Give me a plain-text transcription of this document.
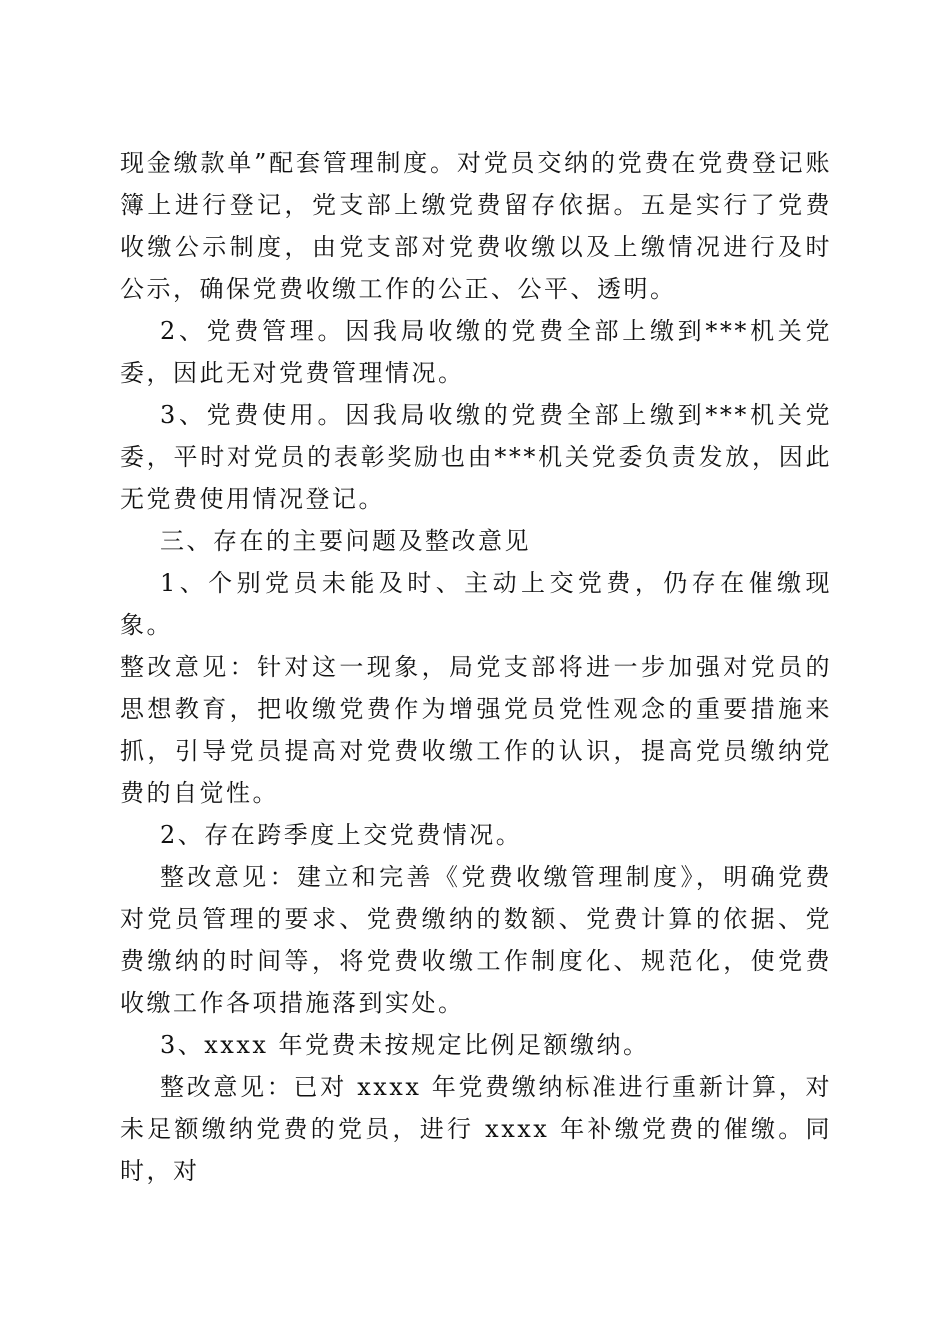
现金缴款单”配套管理制度。对党员交纳的党费在党费登记账簿上进行登记，党支部上缴党费留存依据。五是实行了党费收缴公示制度，由党支部对党费收缴以及上缴情况进行及时公示，确保党费收缴工作的公正、公平、透明。

2、党费管理。因我局收缴的党费全部上缴到***机关党委，因此无对党费管理情况。

3、党费使用。因我局收缴的党费全部上缴到***机关党委，平时对党员的表彰奖励也由***机关党委负责发放，因此无党费使用情况登记。

三、存在的主要问题及整改意见

1、个别党员未能及时、主动上交党费，仍存在催缴现象。

整改意见：针对这一现象，局党支部将进一步加强对党员的思想教育，把收缴党费作为增强党员党性观念的重要措施来抓，引导党员提高对党费收缴工作的认识，提高党员缴纳党费的自觉性。

2、存在跨季度上交党费情况。

整改意见：建立和完善《党费收缴管理制度》，明确党费对党员管理的要求、党费缴纳的数额、党费计算的依据、党费缴纳的时间等，将党费收缴工作制度化、规范化，使党费收缴工作各项措施落到实处。

3、xxxx 年党费未按规定比例足额缴纳。

整改意见：已对 xxxx 年党费缴纳标准进行重新计算，对未足额缴纳党费的党员，进行 xxxx 年补缴党费的催缴。同时，对
